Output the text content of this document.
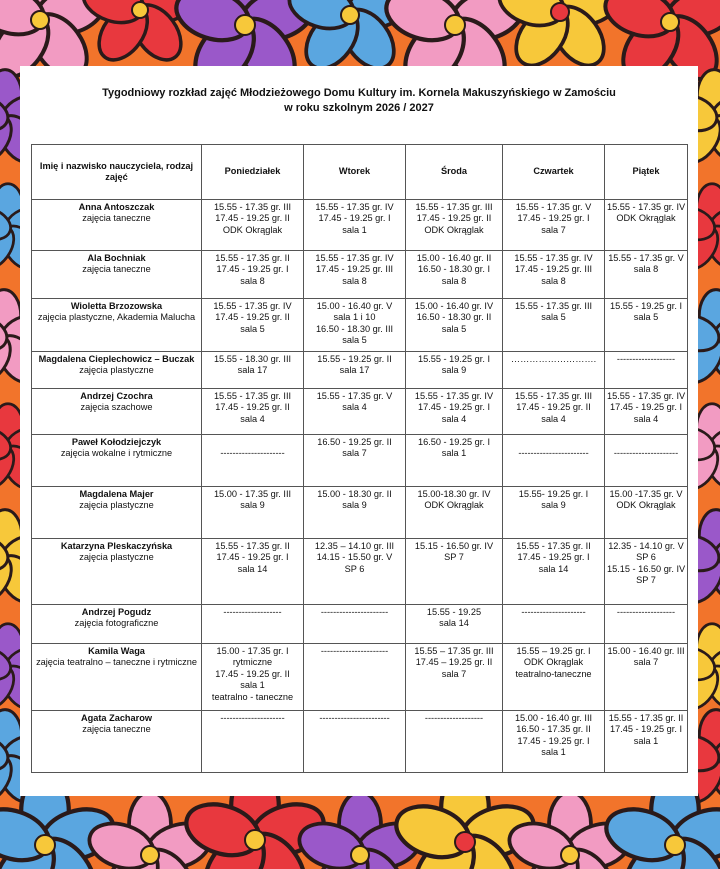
Tygodniowy rozkład zajęć Młodzieżowego Domu Kultury im. Kornela Makuszyńskiego w Zamościu
w roku szkolnym 2026 / 2027
Imię i nazwisko nauczyciela, rodzaj zajęć	Poniedziałek	Wtorek	Środa	Czwartek	Piątek

Anna Antoszczak
zajęcia taneczne	15.55 - 17.35 gr. III
17.45 - 19.25 gr. II
ODK Okrąglak	15.55 - 17.35 gr. IV
17.45 - 19.25 gr. I
sala 1	15.55 - 17.35 gr. III
17.45 - 19.25 gr. II
ODK Okrąglak	15.55 - 17.35 gr. V
17.45 - 19.25 gr. I
sala 7	15.55 - 17.35 gr. IV
ODK Okrąglak

Ala Bochniak
zajęcia taneczne	15.55 - 17.35 gr. II
17.45 - 19.25 gr. I
sala 8	15.55 - 17.35 gr. IV
17.45 - 19.25 gr. III
sala 8	15.00 - 16.40 gr. II
16.50 - 18.30 gr. I
sala 8	15.55 - 17.35 gr. IV
17.45 - 19.25 gr. III
sala 8	15.55 - 17.35 gr. V
sala 8

Wioletta Brzozowska
zajęcia plastyczne, Akademia Malucha	15.55 - 17.35 gr. IV
17.45 - 19.25 gr. II
sala 5	15.00 - 16.40 gr. V
sala 1 i 10
16.50 - 18.30 gr. III
sala 5	15.00 - 16.40 gr. IV
16.50 - 18.30 gr. II
sala 5	15.55 - 17.35 gr. III
sala 5	15.55 - 19.25 gr. I
sala 5

Magdalena Cieplechowicz – Buczak
zajęcia plastyczne	15.55 - 18.30 gr. III
sala 17	15.55 - 19.25 gr. II
sala 17	15.55 - 19.25 gr. I
sala 9	……………………….	-------------------

Andrzej Czochra
zajęcia szachowe	15.55 - 17.35 gr. III
17.45 - 19.25 gr. II
sala 4	15.55 - 17.35 gr. V
sala 4	15.55 - 17.35 gr. IV
17.45 - 19.25 gr. I
sala 4	15.55 - 17.35 gr. III
17.45 - 19.25 gr. II
sala 4	15.55 - 17.35 gr. IV
17.45 - 19.25 gr. I
sala 4

Paweł Kołodziejczyk
zajęcia wokalne i rytmiczne	---------------------	16.50 - 19.25 gr. II
sala 7	16.50 - 19.25 gr. I
sala 1	-----------------------	---------------------

Magdalena Majer
zajęcia plastyczne	15.00 - 17.35 gr. III
sala 9	15.00 - 18.30 gr. II
sala 9	15.00-18.30 gr. IV
ODK Okrąglak	15.55- 19.25 gr. I
sala 9	15.00 -17.35 gr. V
ODK Okrąglak

Katarzyna Pleskaczyńska
zajęcia plastyczne	15.55 - 17.35 gr. II
17.45 - 19.25 gr. I
sala 14	12.35 – 14.10 gr. III
14.15 - 15.50 gr. V
SP 6	15.15 - 16.50 gr. IV
SP 7	15.55 - 17.35 gr. II
17.45 - 19.25 gr. I
sala 14	12.35 - 14.10 gr. V
SP 6
15.15 - 16.50 gr. IV
SP 7

Andrzej Pogudz
zajęcia fotograficzne	-------------------	----------------------	15.55 - 19.25
sala 14	---------------------	-------------------

Kamila Waga
zajęcia teatralno – taneczne i rytmiczne	15.00 - 17.35 gr. I
rytmiczne
17.45 - 19.25 gr. II
sala 1
teatralno - taneczne	----------------------	15.55 – 17.35 gr. III
17.45 – 19.25 gr. II
sala 7	15.55 – 19.25 gr. I
ODK Okrąglak
teatralno-taneczne	15.00 - 16.40 gr. III
sala 7

Agata Zacharow
zajęcia taneczne	---------------------	-----------------------	-------------------	15.00 - 16.40 gr. III
16.50 - 17.35 gr. II
17.45 - 19.25 gr. I
sala 1	15.55 - 17.35 gr. II
17.45 - 19.25 gr. I
sala 1
